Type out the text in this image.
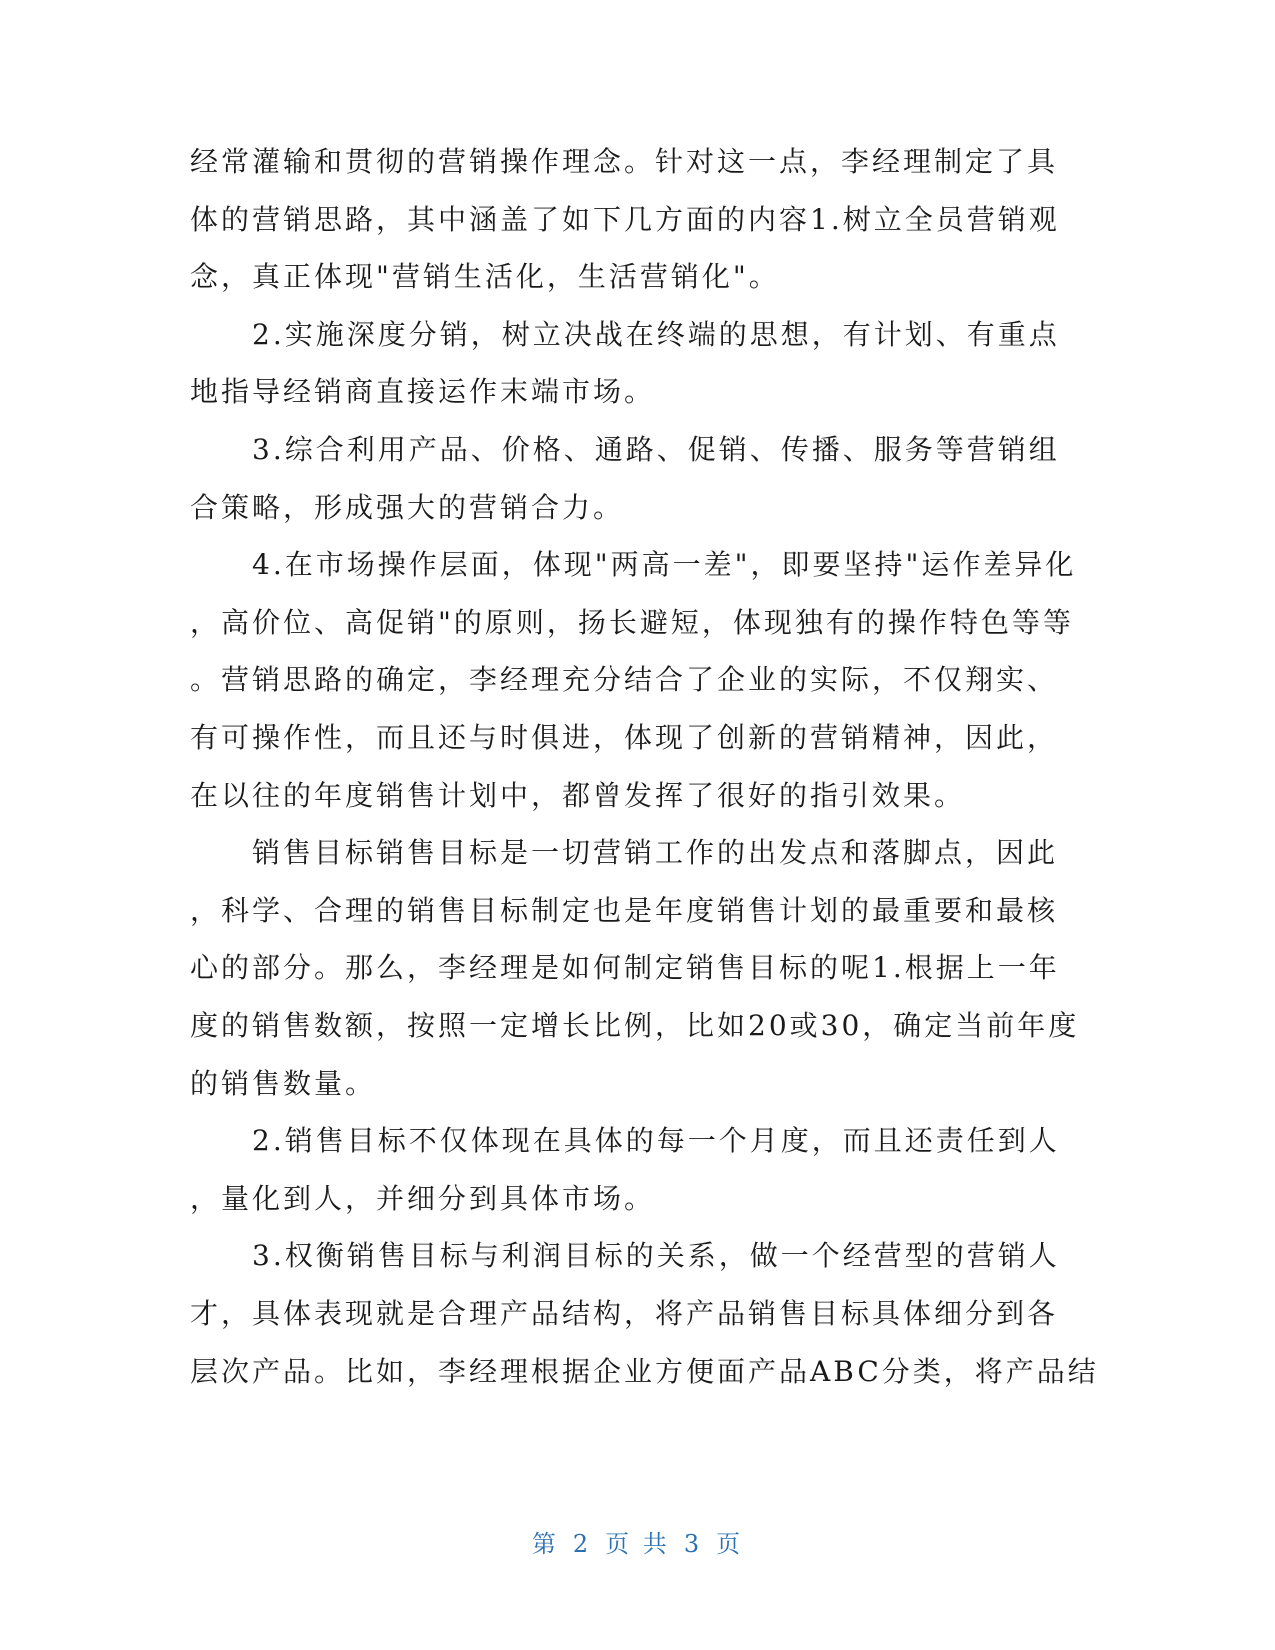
经常灌输和贯彻的营销操作理念。针对这一点，李经理制定了具
体的营销思路，其中涵盖了如下几方面的内容1.树立全员营销观
念，真正体现"营销生活化，生活营销化"。
　　2.实施深度分销，树立决战在终端的思想，有计划、有重点
地指导经销商直接运作末端市场。
　　3.综合利用产品、价格、通路、促销、传播、服务等营销组
合策略，形成强大的营销合力。
　　4.在市场操作层面，体现"两高一差"，即要坚持"运作差异化
，高价位、高促销"的原则，扬长避短，体现独有的操作特色等等
。营销思路的确定，李经理充分结合了企业的实际，不仅翔实、
有可操作性，而且还与时俱进，体现了创新的营销精神，因此，
在以往的年度销售计划中，都曾发挥了很好的指引效果。
　　销售目标销售目标是一切营销工作的出发点和落脚点，因此
，科学、合理的销售目标制定也是年度销售计划的最重要和最核
心的部分。那么，李经理是如何制定销售目标的呢1.根据上一年
度的销售数额，按照一定增长比例，比如20或30，确定当前年度
的销售数量。
　　2.销售目标不仅体现在具体的每一个月度，而且还责任到人
，量化到人，并细分到具体市场。
　　3.权衡销售目标与利润目标的关系，做一个经营型的营销人
才，具体表现就是合理产品结构，将产品销售目标具体细分到各
层次产品。比如，李经理根据企业方便面产品ABC分类，将产品结
第 2 页 共 3 页
